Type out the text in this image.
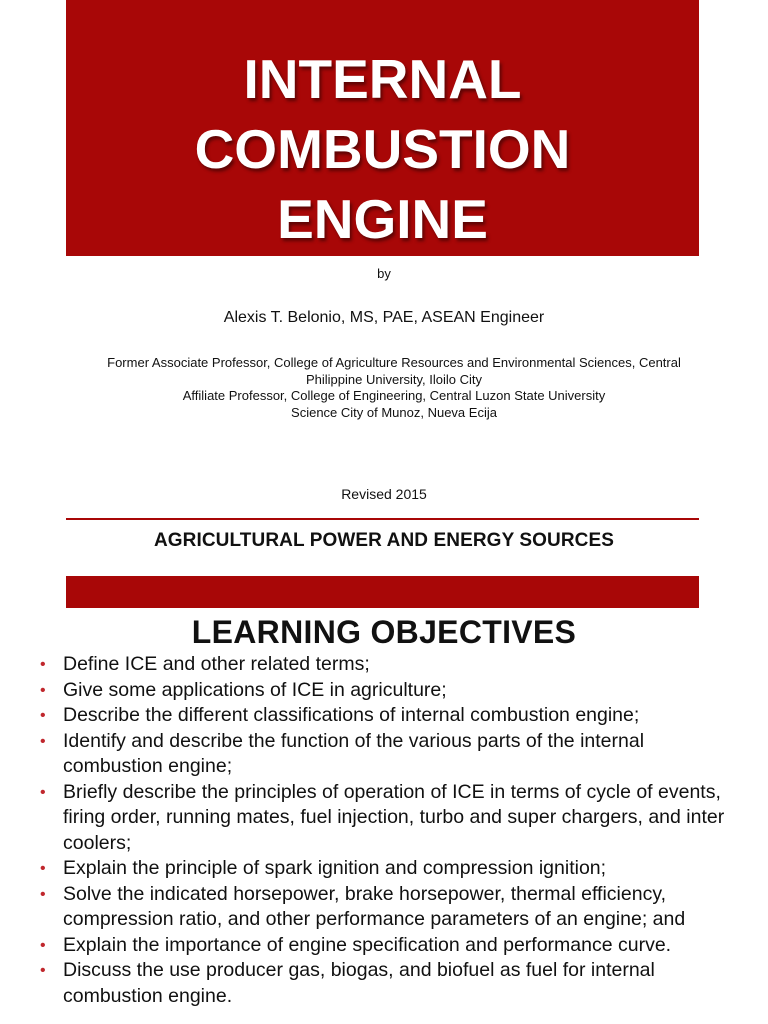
INTERNAL
COMBUSTION
ENGINE
by
Alexis T. Belonio, MS, PAE, ASEAN Engineer
Former Associate Professor, College of Agriculture Resources and Environmental Sciences, Central
Philippine University, Iloilo City
Affiliate Professor, College of Engineering, Central Luzon State University
Science City of Munoz, Nueva Ecija
Revised 2015
AGRICULTURAL POWER AND ENERGY SOURCES
LEARNING OBJECTIVES
• Define ICE and other related terms;
• Give some applications of ICE in agriculture;
• Describe the different classifications of internal combustion engine;
• Identify and describe the function of the various parts of the internal combustion engine;
• Briefly describe the principles of operation of ICE in terms of cycle of events, firing order, running mates, fuel injection, turbo and super chargers, and inter coolers;
• Explain the principle of spark ignition and compression ignition;
• Solve the indicated horsepower, brake horsepower, thermal efficiency, compression ratio, and other performance parameters of an engine; and
• Explain the importance of engine specification and performance curve.
• Discuss the use producer gas, biogas, and biofuel as fuel for internal combustion engine.
